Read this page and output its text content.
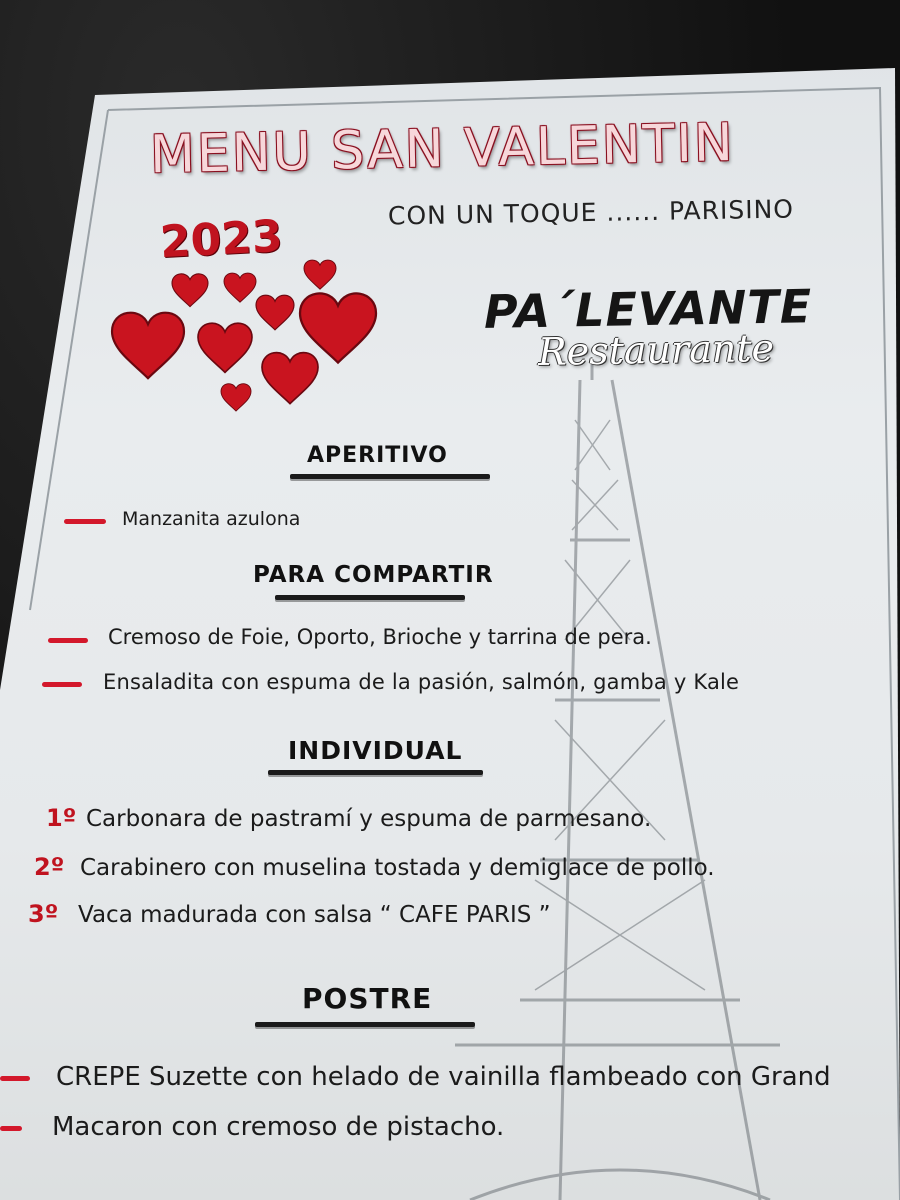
MENU SAN VALENTIN
CON UN TOQUE ...... PARISINO
2023
PA´LEVANTE
Restaurante
APERITIVO
Manzanita azulona
PARA COMPARTIR
Cremoso de Foie, Oporto, Brioche y tarrina de pera.
Ensaladita con espuma de la pasión, salmón, gamba y Kale
INDIVIDUAL
1º Carbonara de pastramí y espuma de parmesano.
2º Carabinero con muselina tostada y demiglace de pollo.
3º Vaca madurada con salsa “ CAFE PARIS ”
POSTRE
CREPE Suzette con helado de vainilla flambeado con Grand
Macaron con cremoso de pistacho.
